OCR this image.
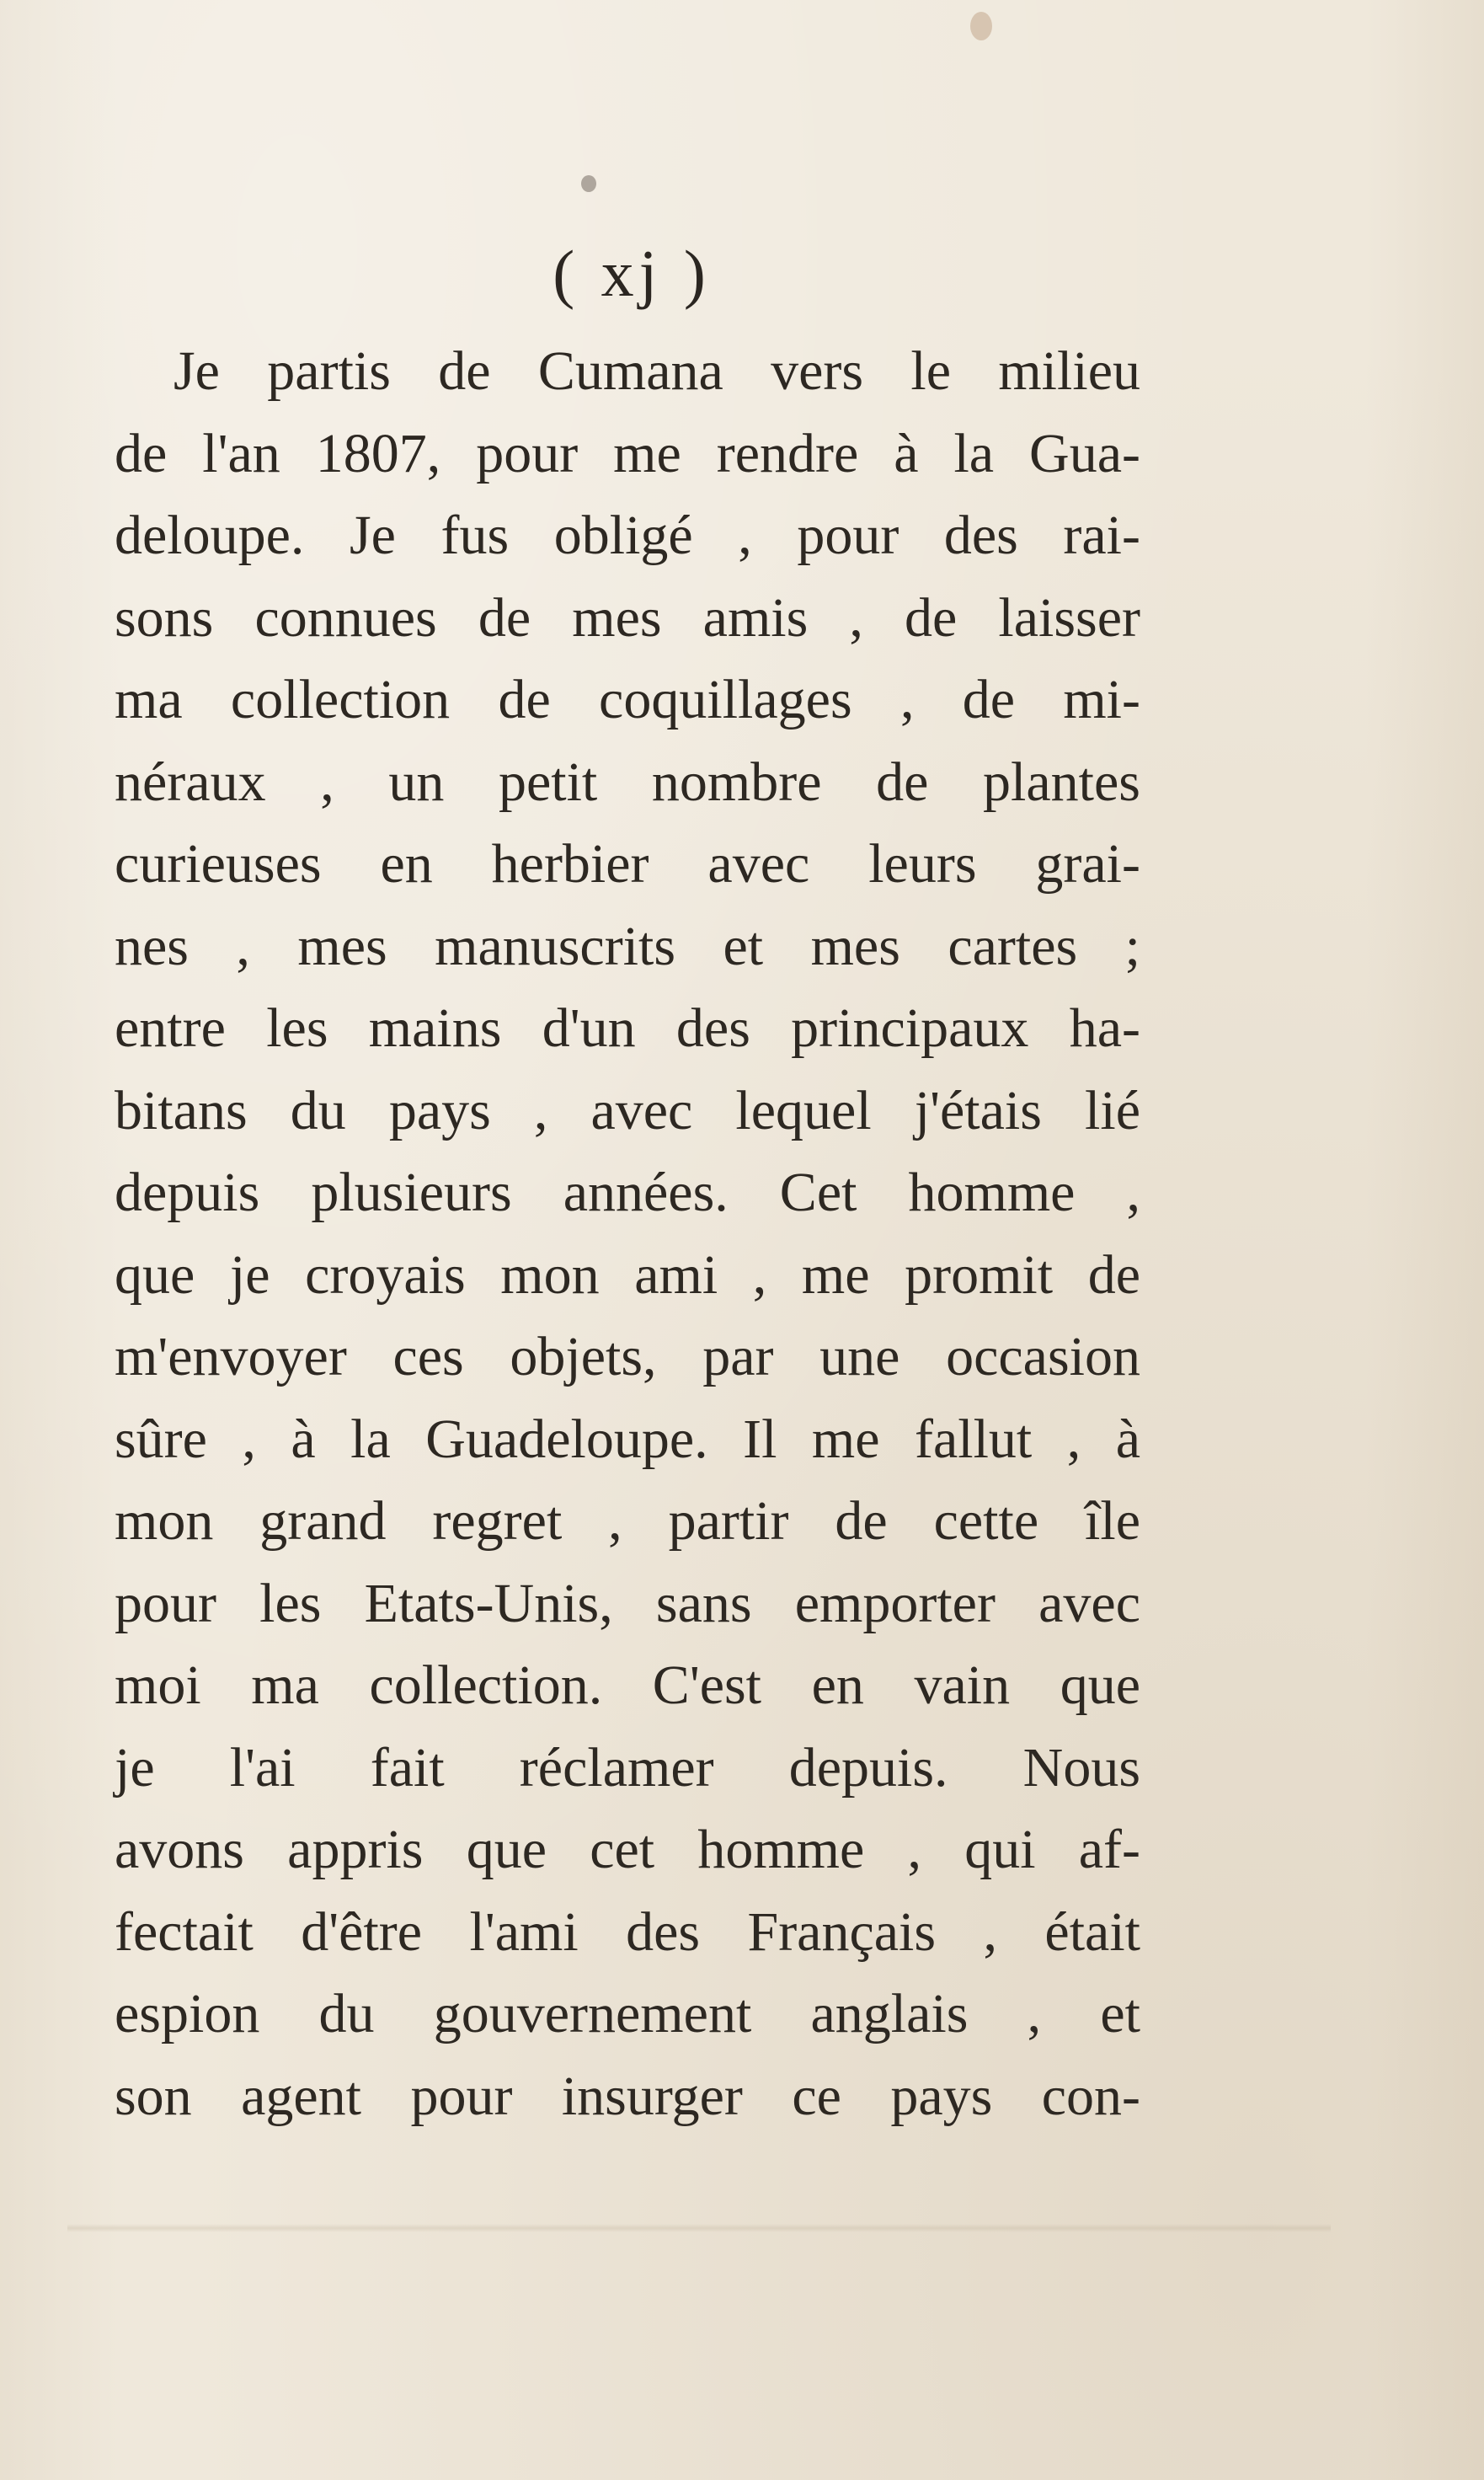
( xj )
Je partis de Cumana vers le milieu
de l'an 1807, pour me rendre à la Gua-
deloupe. Je fus obligé , pour des rai-
sons connues de mes amis , de laisser
ma collection de coquillages , de mi-
néraux , un petit nombre de plantes
curieuses en herbier avec leurs grai-
nes , mes manuscrits et mes cartes ;
entre les mains d'un des principaux ha-
bitans du pays , avec lequel j'étais lié
depuis plusieurs années. Cet homme ,
que je croyais mon ami , me promit de
m'envoyer ces objets, par une occasion
sûre , à la Guadeloupe. Il me fallut , à
mon grand regret , partir de cette île
pour les Etats-Unis, sans emporter avec
moi ma collection. C'est en vain que
je l'ai fait réclamer depuis. Nous
avons appris que cet homme , qui af-
fectait d'être l'ami des Français , était
espion du gouvernement anglais , et
son agent pour insurger ce pays con-
